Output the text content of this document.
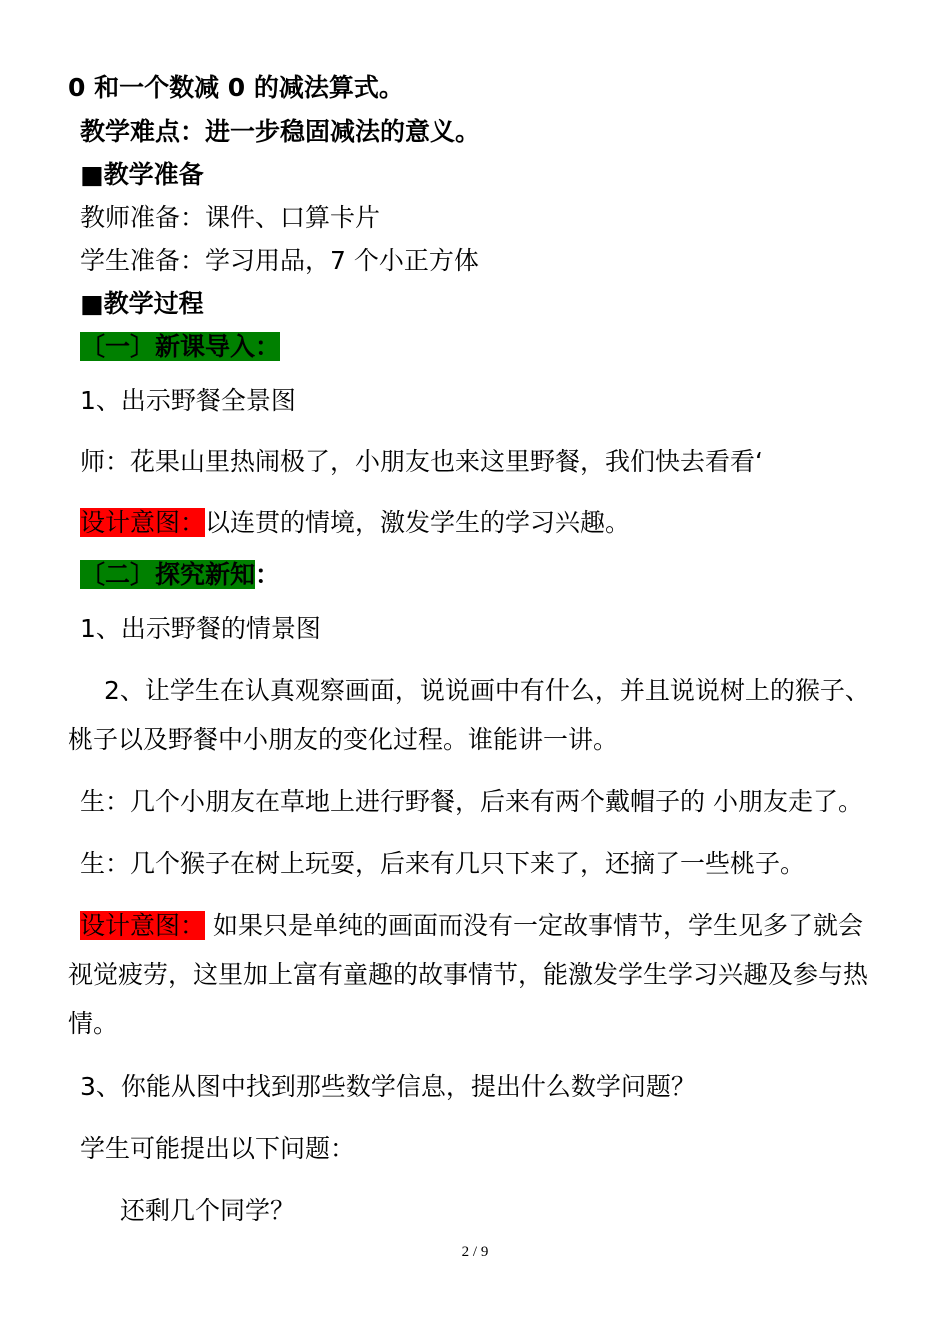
0 和一个数减 0 的减法算式。
教学难点：进一步稳固减法的意义。
■教学准备
教师准备：课件、口算卡片
学生准备：学习用品，7 个小正方体
■教学过程
〔一〕新课导入：
1、出示野餐全景图
师：花果山里热闹极了，小朋友也来这里野餐，我们快去看看‘
设计意图：以连贯的情境，激发学生的学习兴趣。
〔二〕探究新知：
1、出示野餐的情景图
2、让学生在认真观察画面，说说画中有什么，并且说说树上的猴子、
桃子以及野餐中小朋友的变化过程。谁能讲一讲。
生：几个小朋友在草地上进行野餐，后来有两个戴帽子的 小朋友走了。
生：几个猴子在树上玩耍，后来有几只下来了，还摘了一些桃子。
设计意图： 如果只是单纯的画面而没有一定故事情节，学生见多了就会
视觉疲劳，这里加上富有童趣的故事情节，能激发学生学习兴趣及参与热
情。
3、你能从图中找到那些数学信息，提出什么数学问题？
学生可能提出以下问题：
还剩几个同学？
2 / 9
